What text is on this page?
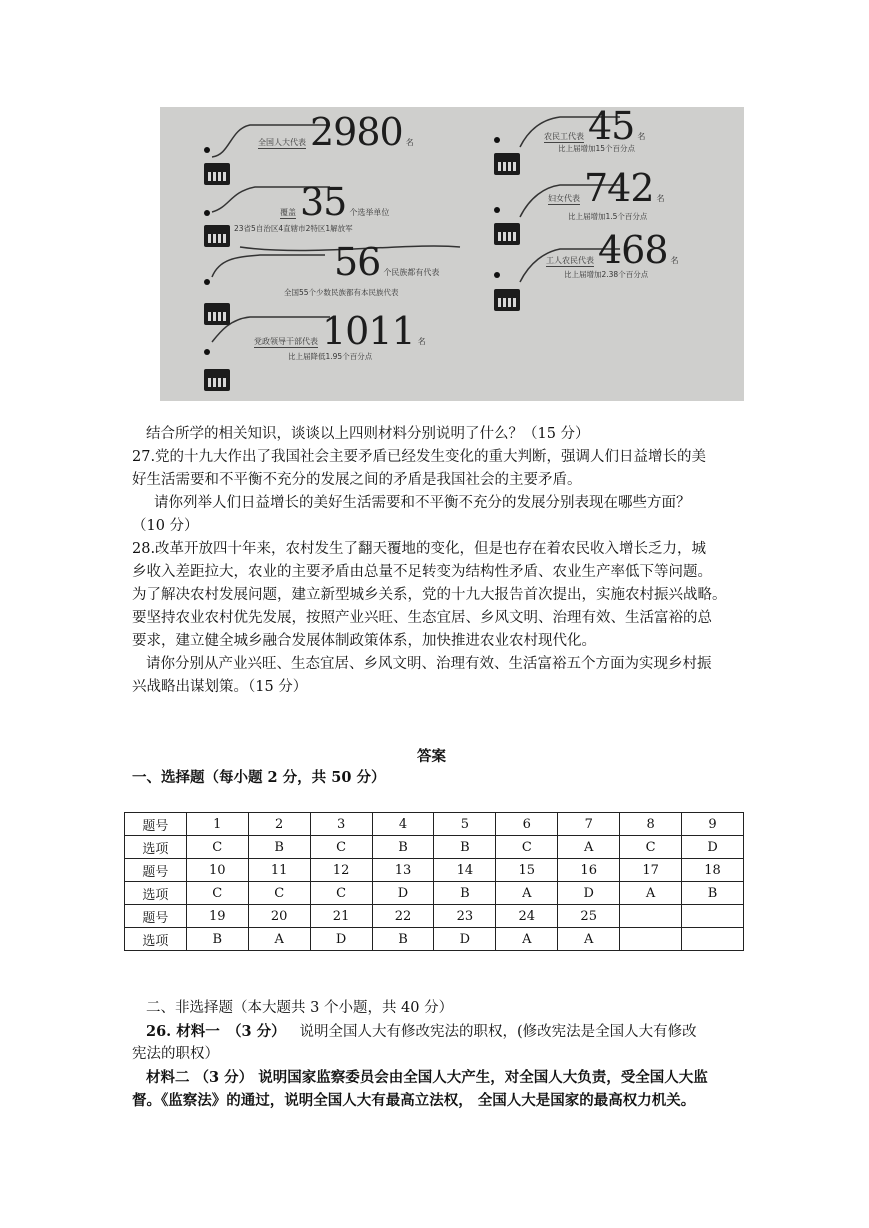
全国人大代表 2980 名
覆盖 35 个选举单位
23省5自治区4直辖市2特区1解放军
56 个民族都有代表
全国55个少数民族都有本民族代表
党政领导干部代表 1011 名
比上届降低1.95个百分点
农民工代表 45 名
比上届增加15个百分点
妇女代表 742 名
比上届增加1.5个百分点
工人农民代表 468 名
比上届增加2.38个百分点
结合所学的相关知识，谈谈以上四则材料分别说明了什么？（15 分）
27.党的十九大作出了我国社会主要矛盾已经发生变化的重大判断，强调人们日益增长的美
好生活需要和不平衡不充分的发展之间的矛盾是我国社会的主要矛盾。
请你列举人们日益增长的美好生活需要和不平衡不充分的发展分别表现在哪些方面？
（10 分）
28.改革开放四十年来，农村发生了翻天覆地的变化，但是也存在着农民收入增长乏力，城
乡收入差距拉大，农业的主要矛盾由总量不足转变为结构性矛盾、农业生产率低下等问题。
为了解决农村发展问题，建立新型城乡关系，党的十九大报告首次提出，实施农村振兴战略。
要坚持农业农村优先发展，按照产业兴旺、生态宜居、乡风文明、治理有效、生活富裕的总
要求，建立健全城乡融合发展体制政策体系，加快推进农业农村现代化。
请你分别从产业兴旺、生态宜居、乡风文明、治理有效、生活富裕五个方面为实现乡村振
兴战略出谋划策。（15 分）
答案
一、选择题（每小题 2 分，共 50 分）
题号	1	2	3	4	5	6	7	8	9
选项	C	B	C	B	B	C	A	C	D
题号	10	11	12	13	14	15	16	17	18
选项	C	C	C	D	B	A	D	A	B
题号	19	20	21	22	23	24	25		
选项	B	A	D	B	D	A	A		
二、非选择题（本大题共 3 个小题，共 40 分）
26. 材料一　（3 分） 说明全国人大有修改宪法的职权，(修改宪法是全国人大有修改
宪法的职权）
材料二 （3 分） 说明国家监察委员会由全国人大产生，对全国人大负责，受全国人大监
督。《监察法》的通过，说明全国人大有最高立法权， 全国人大是国家的最高权力机关。
